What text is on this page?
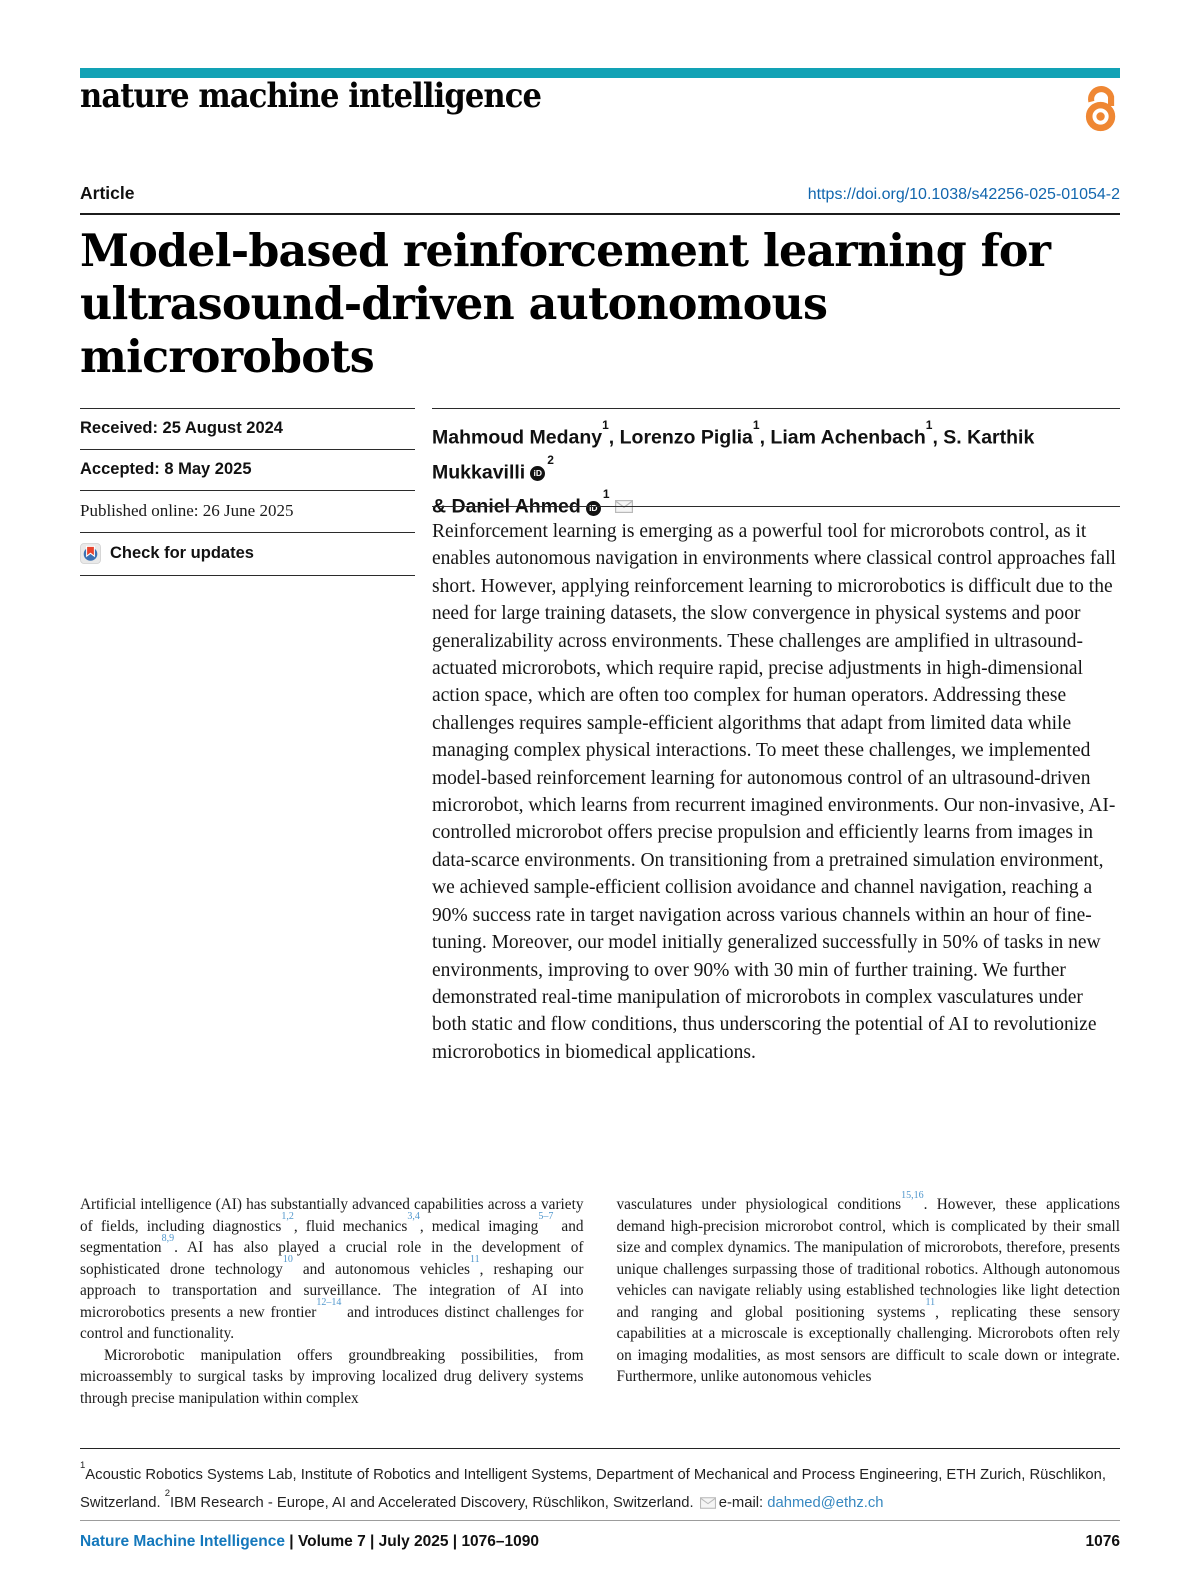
nature machine intelligence
Article	https://doi.org/10.1038/s42256-025-01054-2
Model-based reinforcement learning for
ultrasound-driven autonomous microrobots
Received: 25 August 2024
Accepted: 8 May 2025
Published online: 26 June 2025
Check for updates

Mahmoud Medany$^1$, Lorenzo Piglia$^1$, Liam Achenbach$^1$, S. Karthik Mukkavilli $iD^2$
& Daniel Ahmed $iD^1$

Reinforcement learning is emerging as a powerful tool for microrobots control, as it enables autonomous navigation in environments where classical control approaches fall short. However, applying reinforcement learning to microrobotics is difficult due to the need for large training datasets, the slow convergence in physical systems and poor generalizability across environments. These challenges are amplified in ultrasound-actuated microrobots, which require rapid, precise adjustments in high-dimensional action space, which are often too complex for human operators. Addressing these challenges requires sample-efficient algorithms that adapt from limited data while managing complex physical interactions. To meet these challenges, we implemented model-based reinforcement learning for autonomous control of an ultrasound-driven microrobot, which learns from recurrent imagined environments. Our non-invasive, AI-controlled microrobot offers precise propulsion and efficiently learns from images in data-scarce environments. On transitioning from a pretrained simulation environment, we achieved sample-efficient collision avoidance and channel navigation, reaching a 90% success rate in target navigation across various channels within an hour of fine-tuning. Moreover, our model initially generalized successfully in 50% of tasks in new environments, improving to over 90% with 30 min of further training. We further demonstrated real-time manipulation of microrobots in complex vasculatures under both static and flow conditions, thus underscoring the potential of AI to revolutionize microrobotics in biomedical applications.

Artificial intelligence (AI) has substantially advanced capabilities across a variety of fields, including diagnostics$^{1,2}$, fluid mechanics$^{3,4}$, medical imaging$^{5-7}$ and segmentation$^{8,9}$. AI has also played a crucial role in the development of sophisticated drone technology$^{10}$ and autonomous vehicles$^{11}$, reshaping our approach to transportation and surveillance. The integration of AI into microrobotics presents a new frontier$^{12-14}$ and introduces distinct challenges for control and functionality.

Microrobotic manipulation offers groundbreaking possibilities, from microassembly to surgical tasks by improving localized drug delivery systems through precise manipulation within complex

vasculatures under physiological conditions$^{15,16}$. However, these applications demand high-precision microrobot control, which is complicated by their small size and complex dynamics. The manipulation of microrobots, therefore, presents unique challenges surpassing those of traditional robotics. Although autonomous vehicles can navigate reliably using established technologies like light detection and ranging and global positioning systems$^{11}$, replicating these sensory capabilities at a microscale is exceptionally challenging. Microrobots often rely on imaging modalities, as most sensors are difficult to scale down or integrate. Furthermore, unlike autonomous vehicles

$^1$Acoustic Robotics Systems Lab, Institute of Robotics and Intelligent Systems, Department of Mechanical and Process Engineering, ETH Zurich, Rüschlikon, Switzerland. $^2$IBM Research - Europe, AI and Accelerated Discovery, Rüschlikon, Switzerland. e-mail: dahmed@ethz.ch

Nature Machine Intelligence | Volume 7 | July 2025 | 1076–1090	1076
